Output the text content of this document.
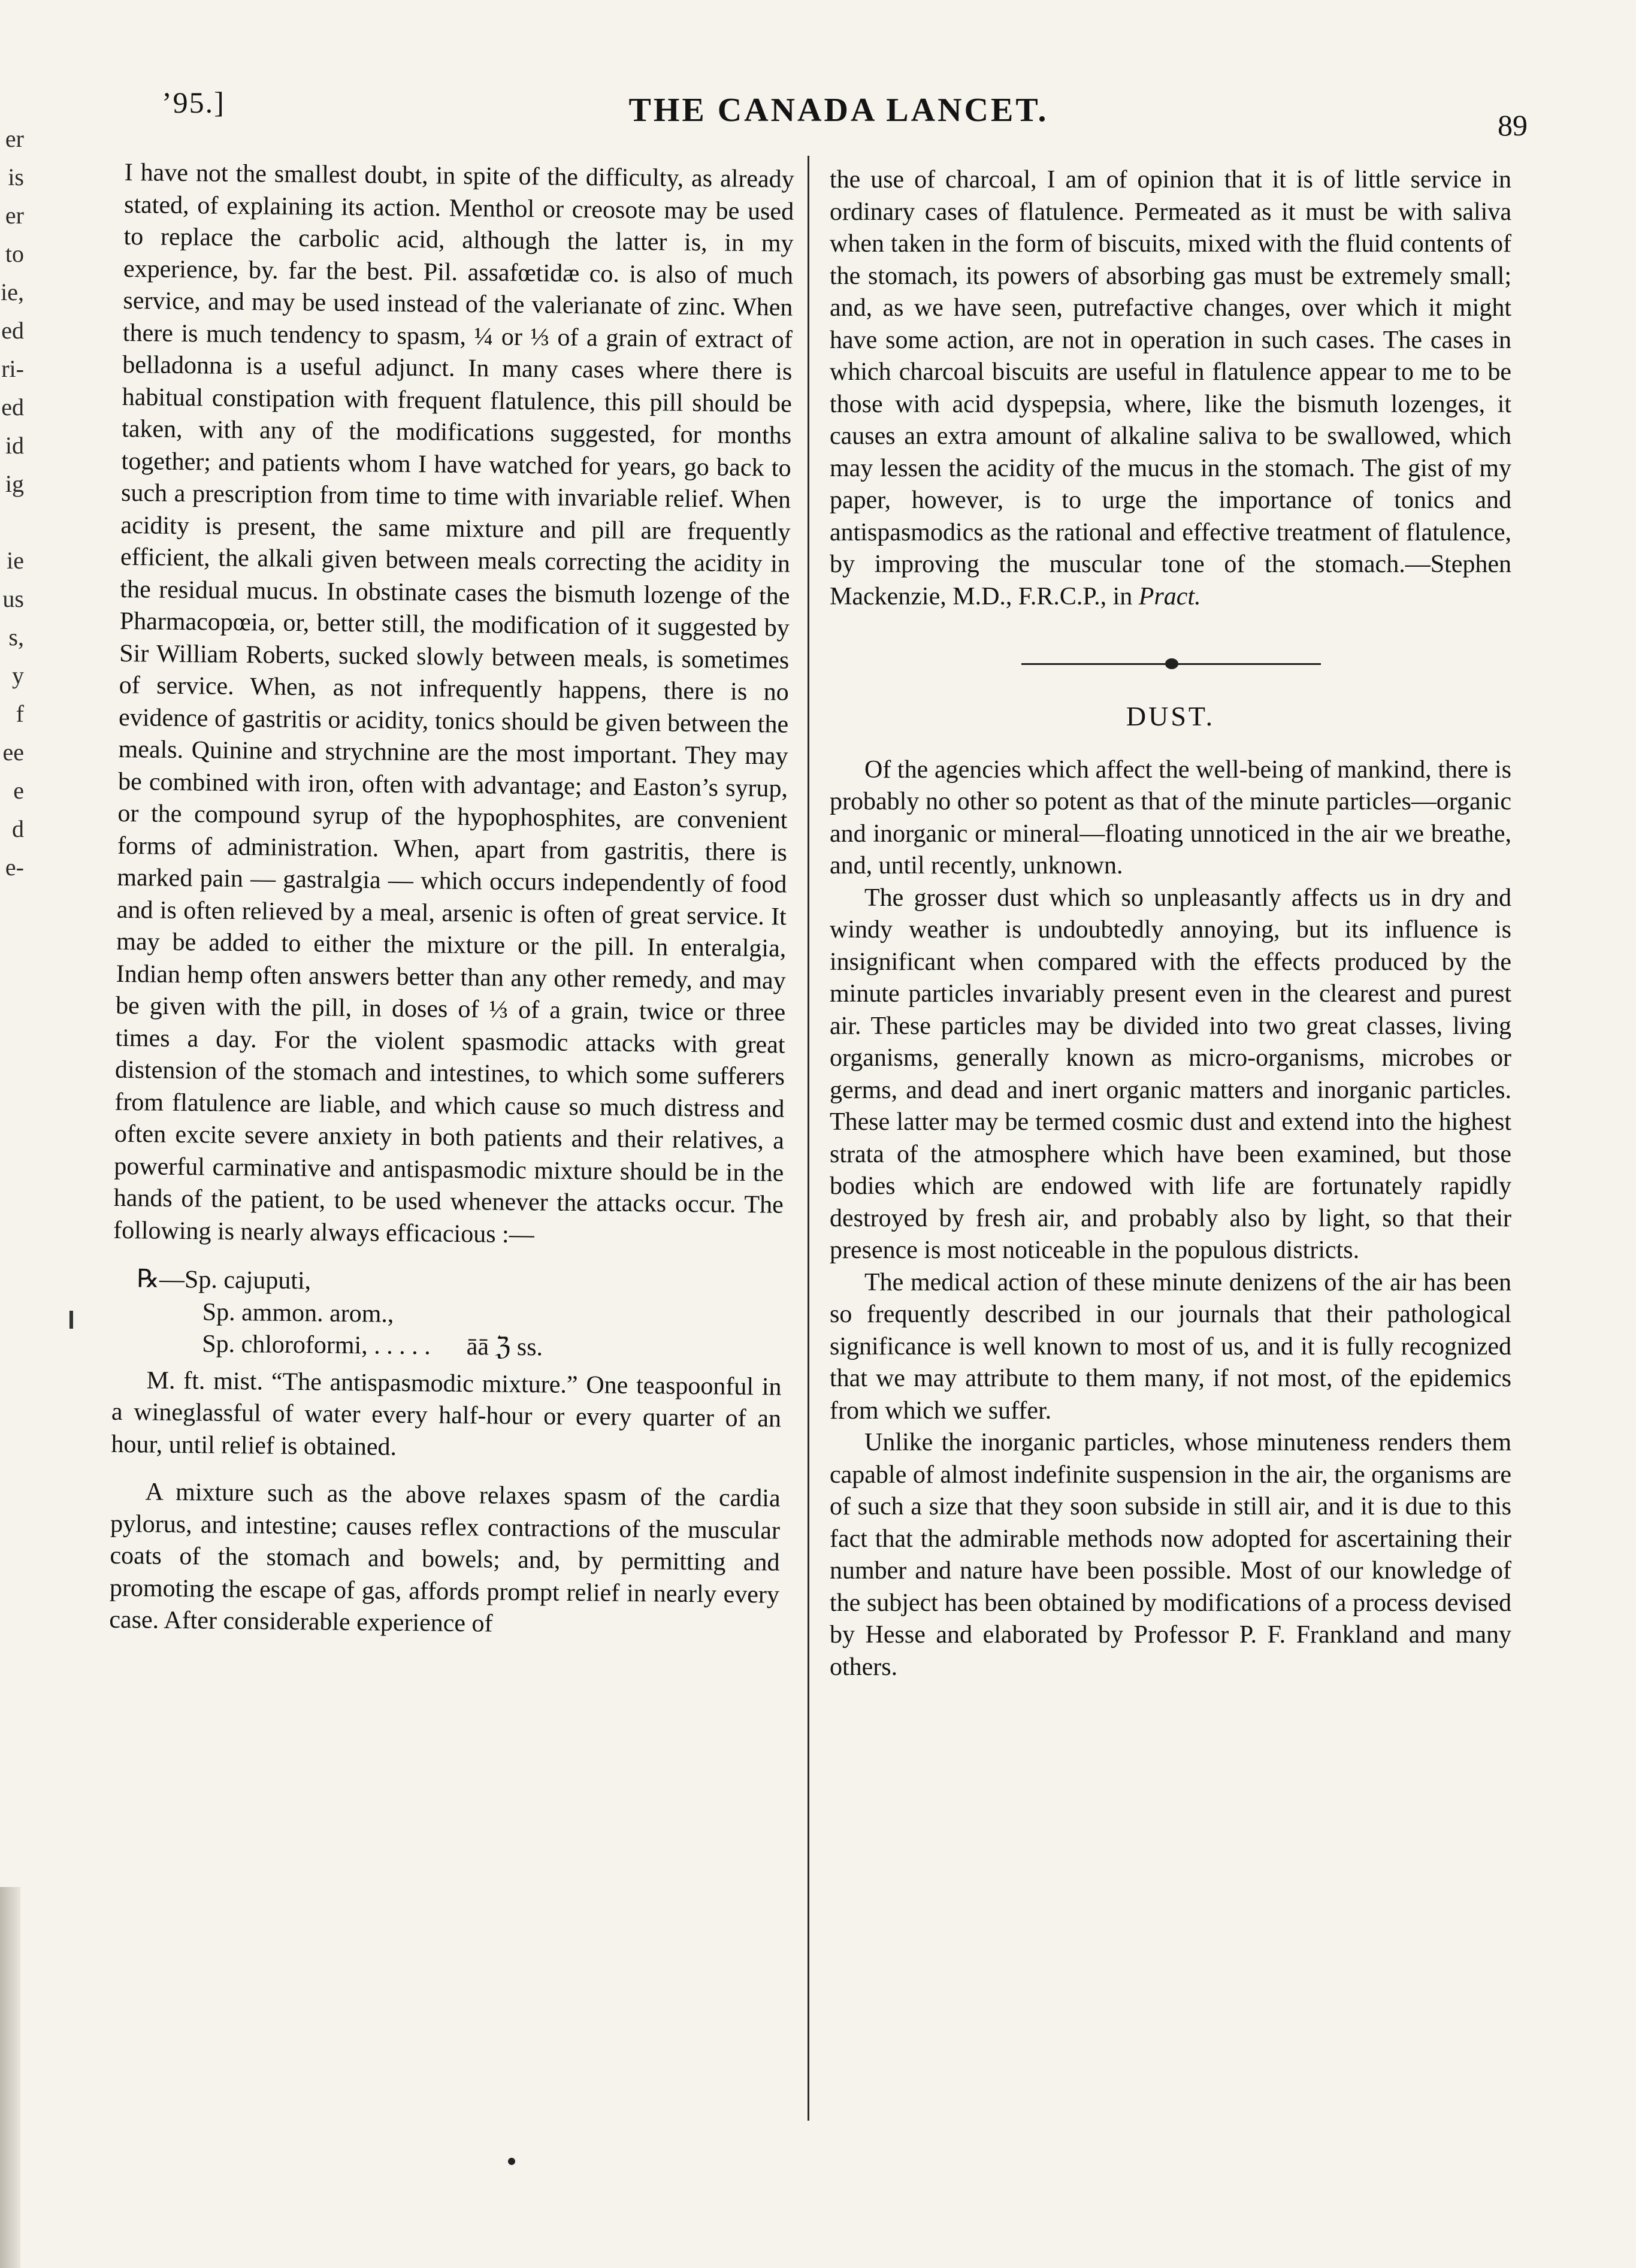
er
is
er
to
ie,
ed
ri-
ed
id
ig
ie
us
s,
y
f
ee
e
d
e-
’95.]	THE CANADA LANCET.	89

I have not the smallest doubt, in spite of the difficulty, as already stated, of explaining its action. Menthol or creosote may be used to replace the carbolic acid, although the latter is, in my experience, by. far the best. Pil. assafœtidæ co. is also of much service, and may be used instead of the valerianate of zinc. When there is much tendency to spasm, ¼ or ⅓ of a grain of extract of belladonna is a useful adjunct. In many cases where there is habitual constipation with frequent flatulence, this pill should be taken, with any of the modifications suggested, for months together; and patients whom I have watched for years, go back to such a prescription from time to time with invariable relief. When acidity is present, the same mixture and pill are frequently efficient, the alkali given between meals correcting the acidity in the residual mucus. In obstinate cases the bismuth lozenge of the Pharmacopœia, or, better still, the modification of it suggested by Sir William Roberts, sucked slowly between meals, is sometimes of service. When, as not infrequently happens, there is no evidence of gastritis or acidity, tonics should be given between the meals. Quinine and strychnine are the most important. They may be combined with iron, often with advantage; and Easton’s syrup, or the compound syrup of the hypophosphites, are convenient forms of administration. When, apart from gastritis, there is marked pain — gastralgia — which occurs independently of food and is often relieved by a meal, arsenic is often of great service. It may be added to either the mixture or the pill. In enteralgia, Indian hemp often answers better than any other remedy, and may be given with the pill, in doses of ⅓ of a grain, twice or three times a day. For the violent spasmodic attacks with great distension of the stomach and intestines, to which some sufferers from flatulence are liable, and which cause so much distress and often excite severe anxiety in both patients and their relatives, a powerful carminative and antispasmodic mixture should be in the hands of the patient, to be used whenever the attacks occur. The following is nearly always efficacious :—

℞—Sp. cajuputi,
Sp. ammon. arom.,
Sp. chloroformi, . . . . . āā ℨ ss.

M. ft. mist. “The antispasmodic mixture.” One teaspoonful in a wineglassful of water every half-hour or every quarter of an hour, until relief is obtained.

A mixture such as the above relaxes spasm of the cardia pylorus, and intestine; causes reflex contractions of the muscular coats of the stomach and bowels; and, by permitting and promoting the escape of gas, affords prompt relief in nearly every case. After considerable experience of

the use of charcoal, I am of opinion that it is of little service in ordinary cases of flatulence. Permeated as it must be with saliva when taken in the form of biscuits, mixed with the fluid contents of the stomach, its powers of absorbing gas must be extremely small; and, as we have seen, putrefactive changes, over which it might have some action, are not in operation in such cases. The cases in which charcoal biscuits are useful in flatulence appear to me to be those with acid dyspepsia, where, like the bismuth lozenges, it causes an extra amount of alkaline saliva to be swallowed, which may lessen the acidity of the mucus in the stomach. The gist of my paper, however, is to urge the importance of tonics and antispasmodics as the rational and effective treatment of flatulence, by improving the muscular tone of the stomach.—Stephen Mackenzie, M.D., F.R.C.P., in Pract.

DUST.

Of the agencies which affect the well-being of mankind, there is probably no other so potent as that of the minute particles—organic and inorganic or mineral—floating unnoticed in the air we breathe, and, until recently, unknown.

The grosser dust which so unpleasantly affects us in dry and windy weather is undoubtedly annoying, but its influence is insignificant when compared with the effects produced by the minute particles invariably present even in the clearest and purest air. These particles may be divided into two great classes, living organisms, generally known as micro-organisms, microbes or germs, and dead and inert organic matters and inorganic particles. These latter may be termed cosmic dust and extend into the highest strata of the atmosphere which have been examined, but those bodies which are endowed with life are fortunately rapidly destroyed by fresh air, and probably also by light, so that their presence is most noticeable in the populous districts.

The medical action of these minute denizens of the air has been so frequently described in our journals that their pathological significance is well known to most of us, and it is fully recognized that we may attribute to them many, if not most, of the epidemics from which we suffer.

Unlike the inorganic particles, whose minuteness renders them capable of almost indefinite suspension in the air, the organisms are of such a size that they soon subside in still air, and it is due to this fact that the admirable methods now adopted for ascertaining their number and nature have been possible. Most of our knowledge of the subject has been obtained by modifications of a process devised by Hesse and elaborated by Professor P. F. Frankland and many others.
